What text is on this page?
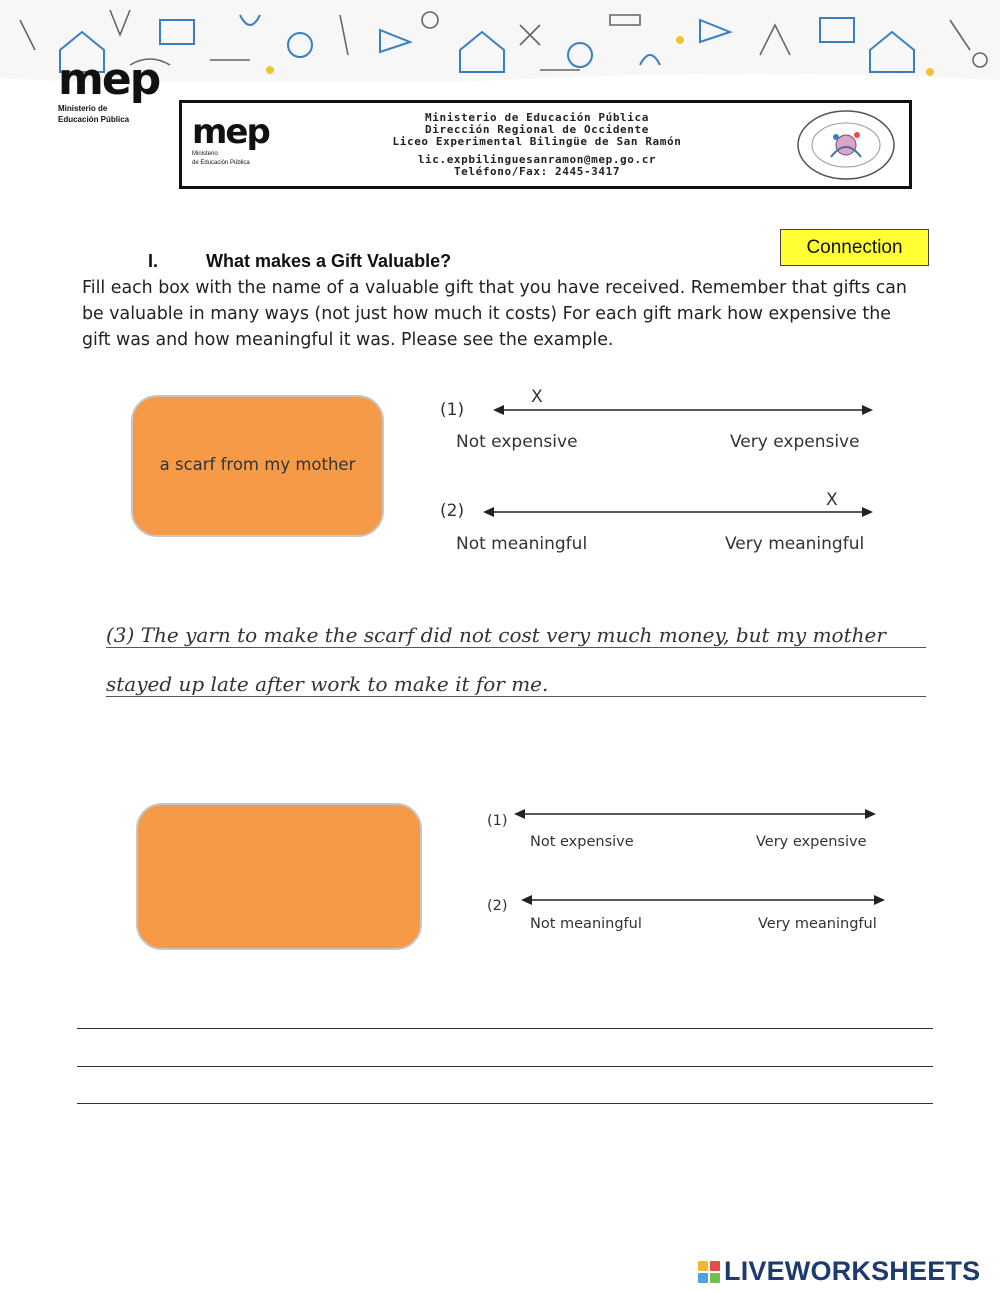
mep
Ministerio de
Educación Pública	mep
Ministerio
de Educación Pública
Ministerio de Educación Pública
Dirección Regional de Occidente
Liceo Experimental Bilingüe de San Ramón
lic.expbilinguesanramon@mep.go.cr
Teléfono/Fax: 2445-3417
Connection
I.	What makes a Gift Valuable?
Fill each box with the name of a valuable gift that you have received. Remember that gifts can be valuable in many ways (not just how much it costs) For each gift mark how expensive the gift was and how meaningful it was. Please see the example.
a scarf from my mother
(1)
X
Not expensive	Very expensive
(2)
X
Not meaningful	Very meaningful
(3) The yarn to make the scarf did not cost very much money, but my mother
stayed up late after work to make it for me.
(1)
Not expensive	Very expensive
(2)
Not meaningful	Very meaningful
LIVEWORKSHEETS
